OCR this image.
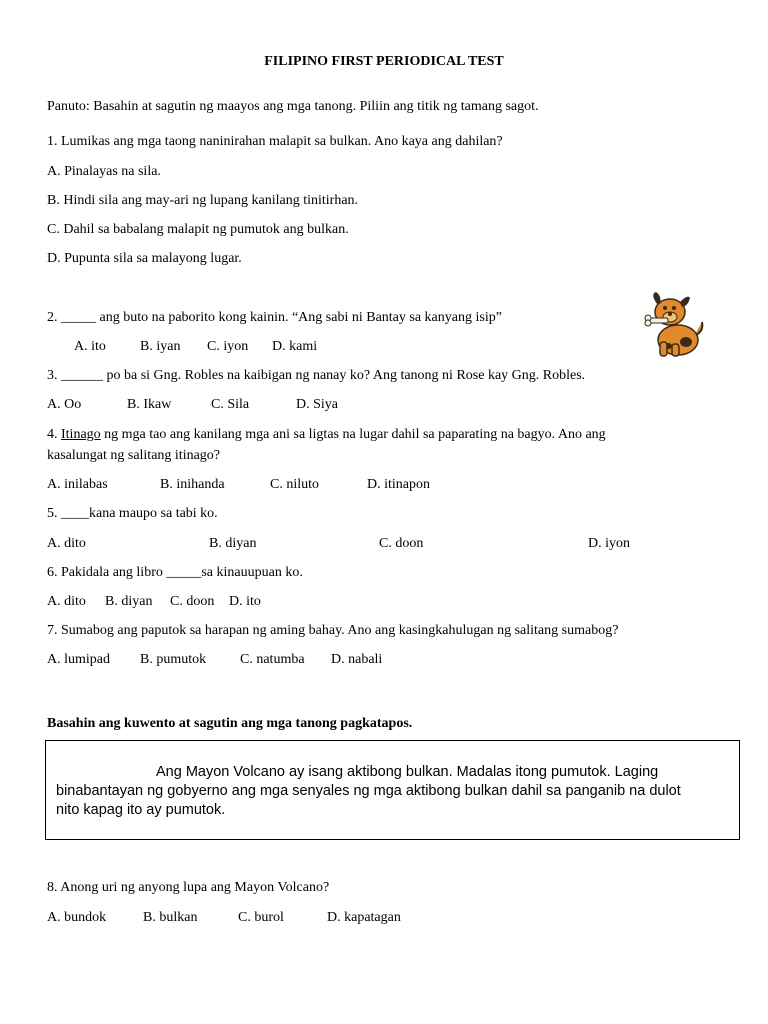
FILIPINO FIRST PERIODICAL TEST
Panuto: Basahin at sagutin ng maayos ang mga tanong. Piliin ang titik ng tamang sagot.
1. Lumikas ang mga taong naninirahan malapit sa bulkan. Ano kaya ang dahilan?
A. Pinalayas na sila.
B. Hindi sila ang may-ari ng lupang kanilang tinitirhan.
C. Dahil sa babalang malapit ng pumutok ang bulkan.
D. Pupunta sila sa malayong lugar.
2. _____ ang buto na paborito kong kainin. “Ang sabi ni Bantay sa kanyang isip”
A. ito B. iyan C. iyon D. kami
3. ______ po ba si Gng. Robles na kaibigan ng nanay ko? Ang tanong ni Rose kay Gng. Robles.
A. Oo	B. Ikaw	C. Sila	D. Siya
4. Itinago ng mga tao ang kanilang mga ani sa ligtas na lugar dahil sa paparating na bagyo. Ano ang
kasalungat ng salitang itinago?
A. inilabas	B. inihanda	C. niluto	D. itinapon
5. ____kana maupo sa tabi ko.
A. dito	B. diyan	C. doon	D. iyon
6. Pakidala ang libro _____sa kinauupuan ko.
A. dito B. diyan C. doon D. ito
7. Sumabog ang paputok sa harapan ng aming bahay. Ano ang kasingkahulugan ng salitang sumabog?
A. lumipad B. pumutok C. natumba D. nabali
Basahin ang kuwento at sagutin ang mga tanong pagkatapos.
Ang Mayon Volcano ay isang aktibong bulkan. Madalas itong pumutok. Laging
binabantayan ng gobyerno ang mga senyales ng mga aktibong bulkan dahil sa panganib na dulot
nito kapag ito ay pumutok.
8. Anong uri ng anyong lupa ang Mayon Volcano?
A. bundok	B. bulkan	C. burol	D. kapatagan
